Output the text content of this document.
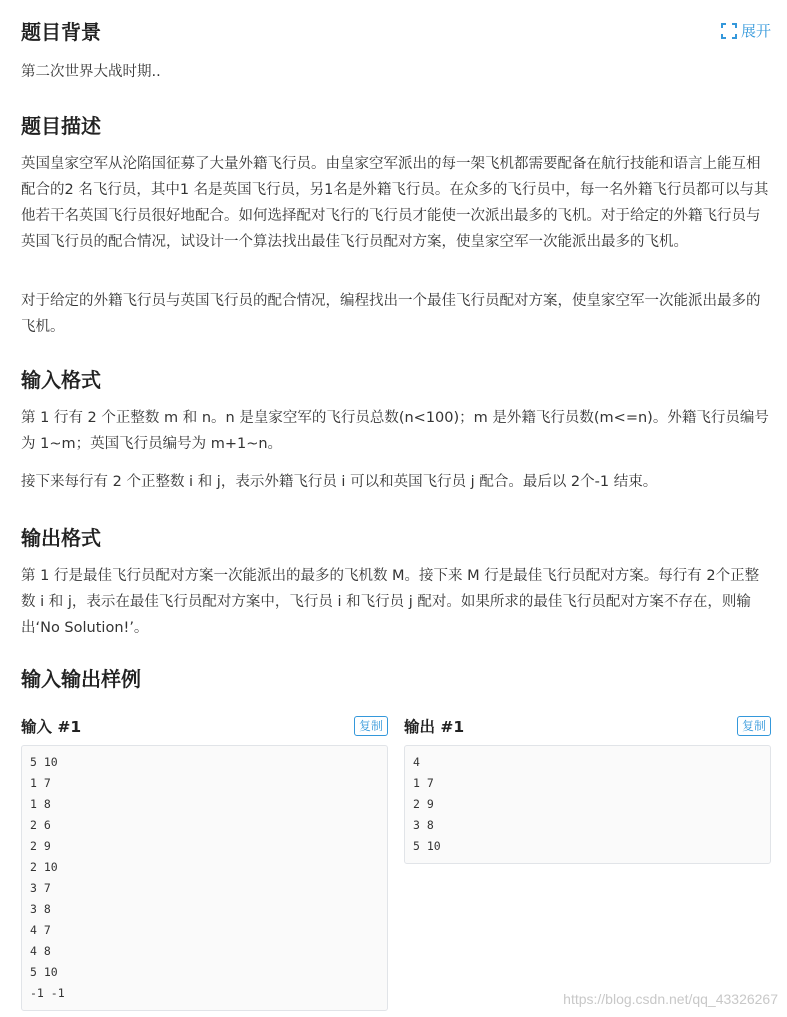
题目背景	展开

第二次世界大战时期..

题目描述

英国皇家空军从沦陷国征募了大量外籍飞行员。由皇家空军派出的每一架飞机都需要配备在航行技能和语言上能互相配合的2 名飞行员，其中1 名是英国飞行员，另1名是外籍飞行员。在众多的飞行员中，每一名外籍飞行员都可以与其他若干名英国飞行员很好地配合。如何选择配对飞行的飞行员才能使一次派出最多的飞机。对于给定的外籍飞行员与英国飞行员的配合情况，试设计一个算法找出最佳飞行员配对方案，使皇家空军一次能派出最多的飞机。

对于给定的外籍飞行员与英国飞行员的配合情况，编程找出一个最佳飞行员配对方案，使皇家空军一次能派出最多的飞机。

输入格式

第 1 行有 2 个正整数 m 和 n。n 是皇家空军的飞行员总数(n<100)；m 是外籍飞行员数(m<=n)。外籍飞行员编号为 1~m；英国飞行员编号为 m+1~n。

接下来每行有 2 个正整数 i 和 j，表示外籍飞行员 i 可以和英国飞行员 j 配合。最后以 2个-1 结束。

输出格式

第 1 行是最佳飞行员配对方案一次能派出的最多的飞机数 M。接下来 M 行是最佳飞行员配对方案。每行有 2个正整数 i 和 j，表示在最佳飞行员配对方案中，飞行员 i 和飞行员 j 配对。如果所求的最佳飞行员配对方案不存在，则输出‘No Solution!’。

输入输出样例
输入 #1	复制
5 10
1 7
1 8
2 6
2 9
2 10
3 7
3 8
4 7
4 8
5 10
-1 -1
输出 #1	复制
4
1 7
2 9
3 8
5 10
https://blog.csdn.net/qq_43326267
